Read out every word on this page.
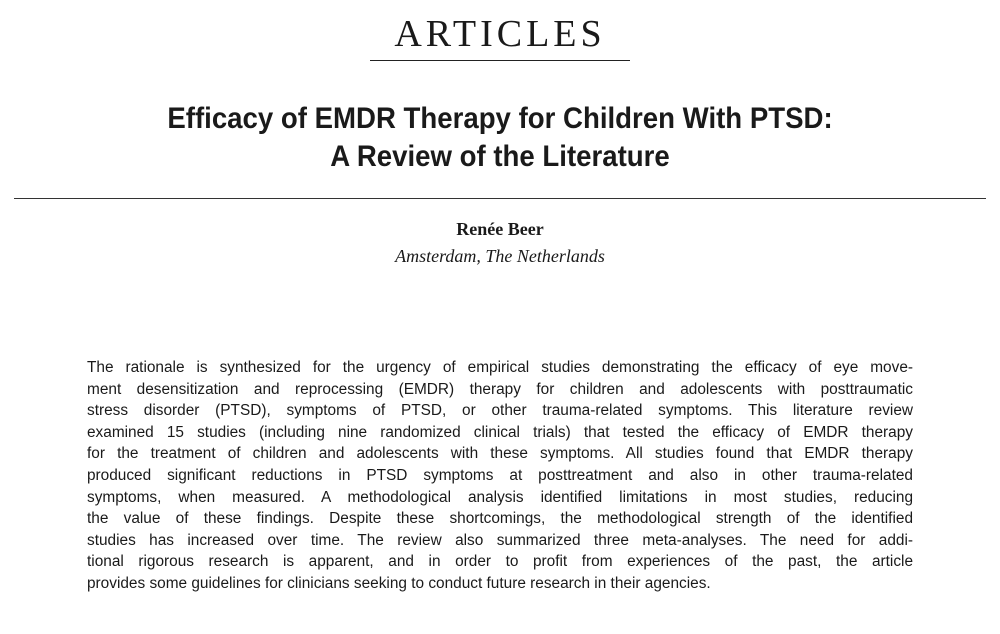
ARTICLES
Efficacy of EMDR Therapy for Children With PTSD:
A Review of the Literature
Renée Beer
Amsterdam, The Netherlands
The rationale is synthesized for the urgency of empirical studies demonstrating the efficacy of eye move-
ment desensitization and reprocessing (EMDR) therapy for children and adolescents with posttraumatic
stress disorder (PTSD), symptoms of PTSD, or other trauma-related symptoms. This literature review
examined 15 studies (including nine randomized clinical trials) that tested the efficacy of EMDR therapy
for the treatment of children and adolescents with these symptoms. All studies found that EMDR therapy
produced significant reductions in PTSD symptoms at posttreatment and also in other trauma-related
symptoms, when measured. A methodological analysis identified limitations in most studies, reducing
the value of these findings. Despite these shortcomings, the methodological strength of the identified
studies has increased over time. The review also summarized three meta-analyses. The need for addi-
tional rigorous research is apparent, and in order to profit from experiences of the past, the article
provides some guidelines for clinicians seeking to conduct future research in their agencies.
